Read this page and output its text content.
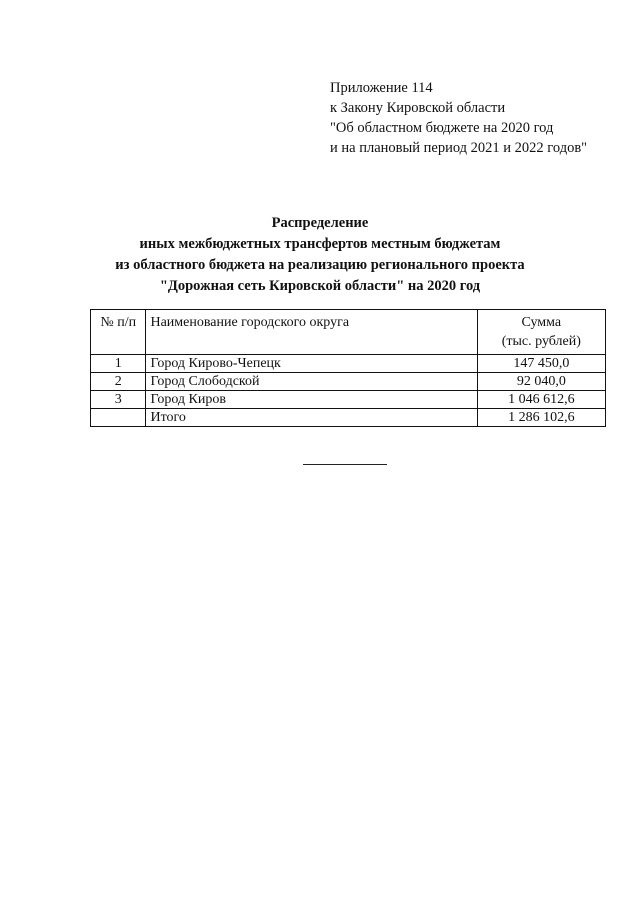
Приложение 114
к Закону Кировской области
"Об областном бюджете на 2020 год
и на плановый период 2021 и 2022 годов"
Распределение
иных межбюджетных трансфертов местным бюджетам
из областного бюджета на реализацию регионального проекта
"Дорожная сеть Кировской области" на 2020 год
№ п/п	Наименование городского округа	Сумма
(тыс. рублей)

1	Город Кирово-Чепецк	147 450,0
2	Город Слободской	92 040,0
3	Город Киров	1 046 612,6
	Итого	1 286 102,6
